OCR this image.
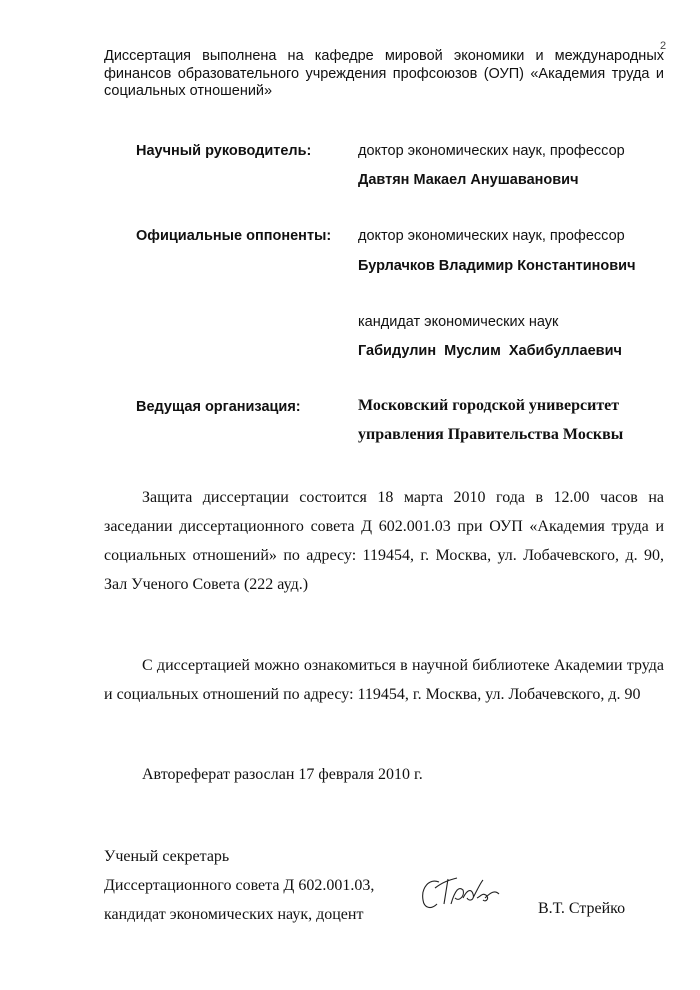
2
Диссертация выполнена на кафедре мировой экономики и международных финансов образовательного учреждения профсоюзов (ОУП) «Академия труда и социальных отношений»
Научный руководитель:	доктор экономических наук, профессор
Давтян Макаел Анушаванович
Официальные оппоненты: доктор экономических наук, профессор
Бурлачков Владимир Константинович
кандидат экономических наук
Габидулин Муслим Хабибуллаевич
Ведущая организация:	Московский городской университет
управления Правительства Москвы
Защита диссертации состоится 18 марта 2010 года в 12.00 часов на заседании диссертационного совета Д 602.001.03 при ОУП «Академия труда и социальных отношений» по адресу: 119454, г. Москва, ул. Лобачевского, д. 90, Зал Ученого Совета (222 ауд.)
С диссертацией можно ознакомиться в научной библиотеке Академии труда и социальных отношений по адресу: 119454, г. Москва, ул. Лобачевского, д. 90
Автореферат разослан 17 февраля 2010 г.
Ученый секретарь
Диссертационного совета Д 602.001.03,
кандидат экономических наук, доцент	В.Т. Стрейко
